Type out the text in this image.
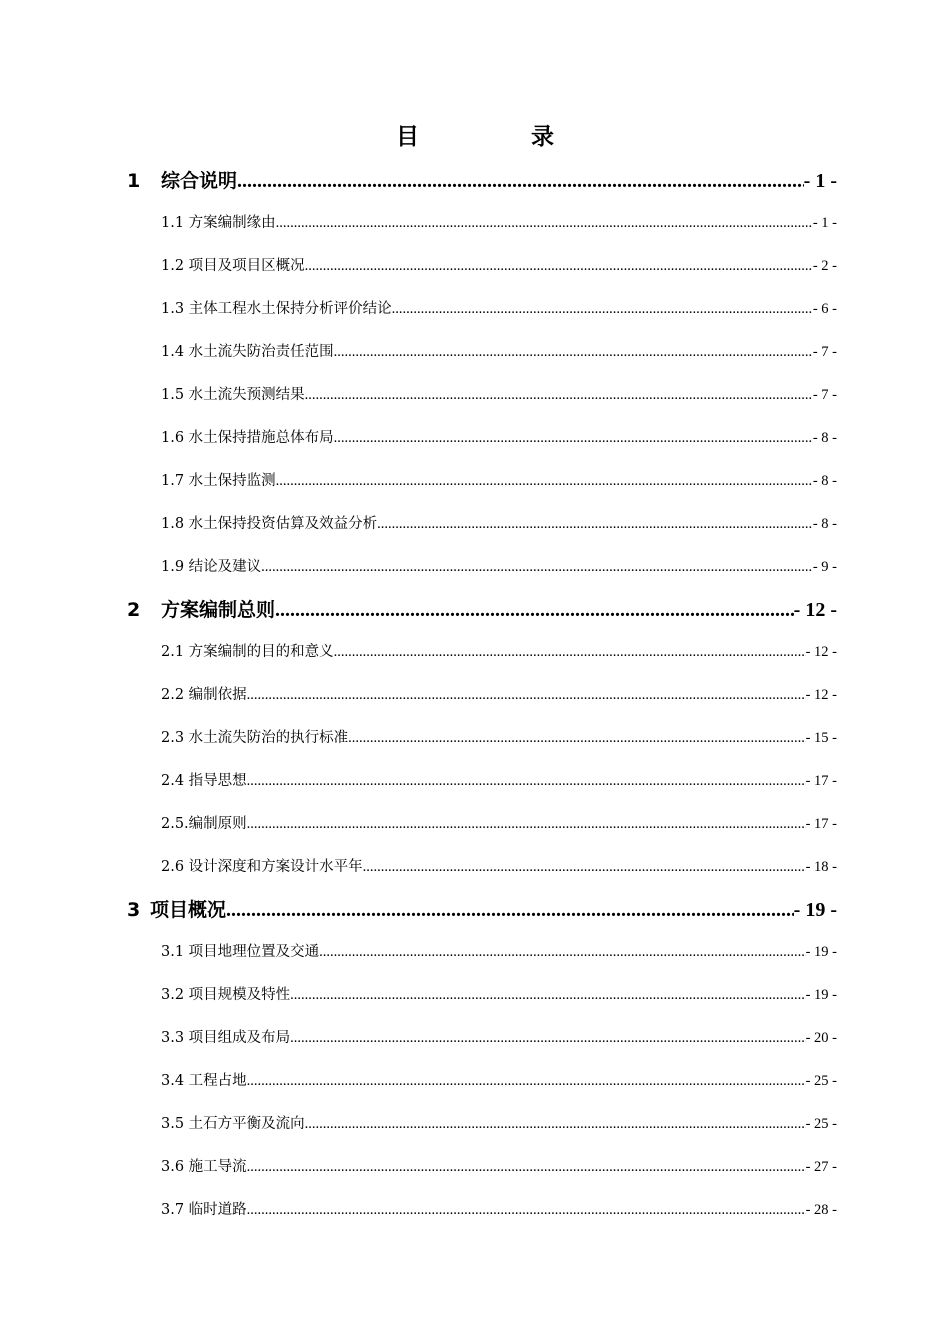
目 录
1 综合说明 .....	- 1 -
1.1 方案编制缘由 .....	- 1 -
1.2 项目及项目区概况 .....	- 2 -
1.3 主体工程水土保持分析评价结论 .....	- 6 -
1.4 水土流失防治责任范围 .....	- 7 -
1.5 水土流失预测结果 .....	- 7 -
1.6 水土保持措施总体布局 .....	- 8 -
1.7 水土保持监测 .....	- 8 -
1.8 水土保持投资估算及效益分析 .....	- 8 -
1.9 结论及建议 .....	- 9 -
2 方案编制总则 .....	- 12 -
2.1 方案编制的目的和意义 .....	- 12 -
2.2 编制依据 .....	- 12 -
2.3 水土流失防治的执行标准 .....	- 15 -
2.4 指导思想 .....	- 17 -
2.5.编制原则 .....	- 17 -
2.6 设计深度和方案设计水平年 .....	- 18 -
3 项目概况 .....	- 19 -
3.1 项目地理位置及交通 .....	- 19 -
3.2 项目规模及特性 .....	- 19 -
3.3 项目组成及布局 .....	- 20 -
3.4 工程占地 .....	- 25 -
3.5 土石方平衡及流向 .....	- 25 -
3.6 施工导流 .....	- 27 -
3.7 临时道路 .....	- 28 -
